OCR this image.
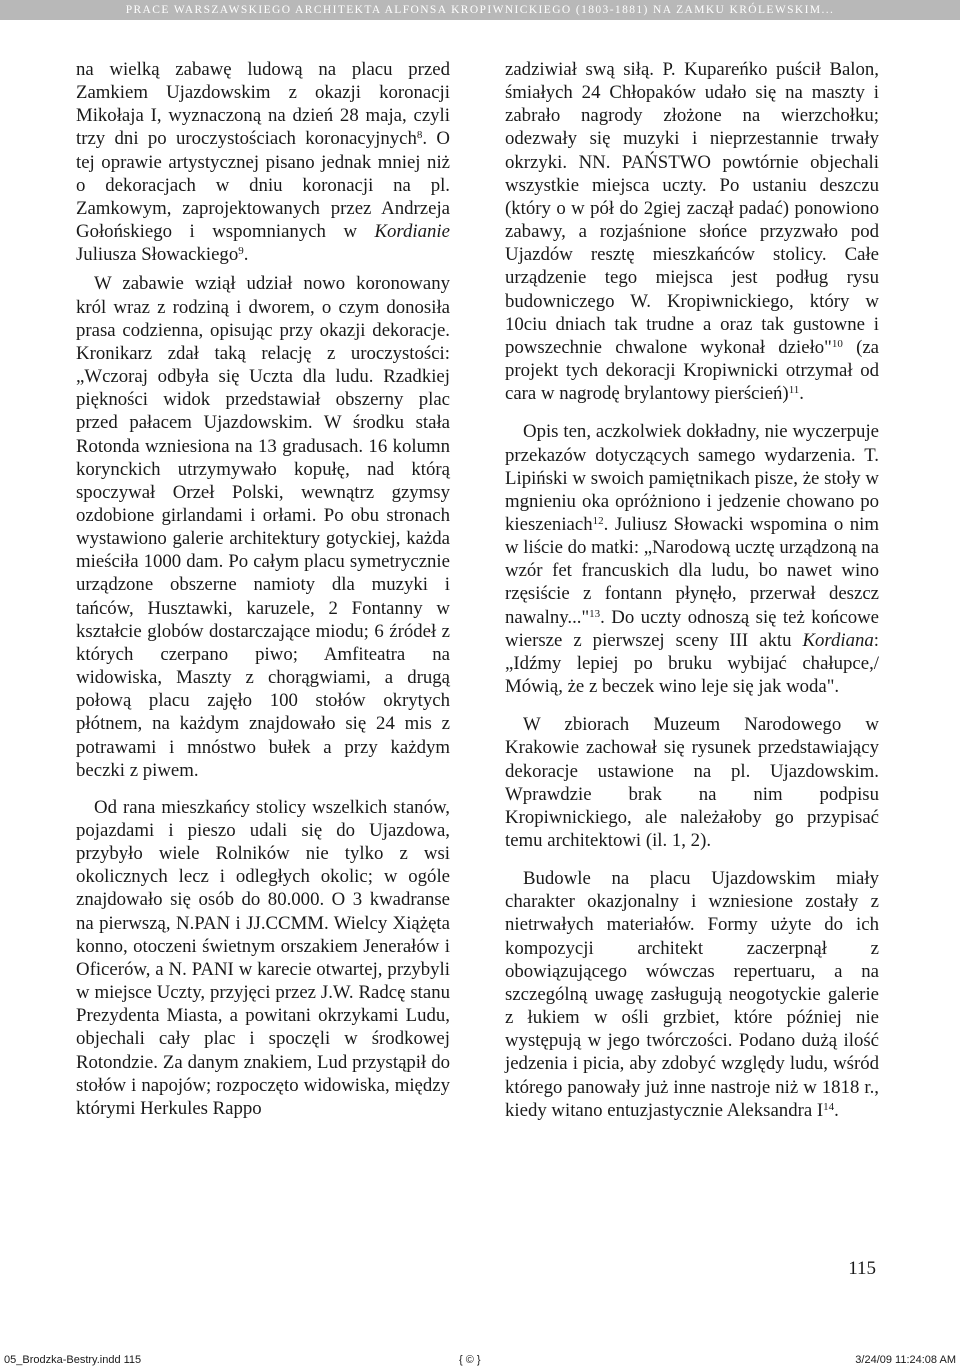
PRACE WARSZAWSKIEGO ARCHITEKTA ALFONSA KROPIWNICKIEGO (1803-1881) NA ZAMKU KRÓLEWSKIM...

na wielką zabawę ludową na placu przed Zamkiem Ujazdowskim z okazji koronacji Mikołaja I, wyznaczoną na dzień 28 maja, czyli trzy dni po uroczystościach koronacyjnych$^8$. O tej oprawie artystycznej pisano jednak mniej niż o dekoracjach w dniu koronacji na pl. Zamkowym, zaprojektowanych przez Andrzeja Gołońskiego i wspomnianych w Kordianie Juliusza Słowackiego$^9$.

W zabawie wziął udział nowo koronowany król wraz z rodziną i dworem, o czym donosiła prasa codzienna, opisując przy okazji dekoracje. Kronikarz zdał taką relację z uroczystości: „Wczoraj odbyła się Uczta dla ludu. Rzadkiej piękności widok przedstawiał obszerny plac przed pałacem Ujazdowskim. W środku stała Rotonda wzniesiona na 13 gradusach. 16 kolumn korynckich utrzymywało kopułę, nad którą spoczywał Orzeł Polski, wewnątrz gzymsy ozdobione girlandami i orłami. Po obu stronach wystawiono galerie architektury gotyckiej, każda mieściła 1000 dam. Po całym placu symetrycznie urządzone obszerne namioty dla muzyki i tańców, Husztawki, karuzele, 2 Fontanny w kształcie globów dostarczające miodu; 6 źródeł z których czerpano piwo; Amfiteatra na widowiska, Maszty z chorągwiami, a drugą połową placu zajęło 100 stołów okrytych płótnem, na każdym znajdowało się 24 mis z potrawami i mnóstwo bułek a przy każdym beczki z piwem.

Od rana mieszkańcy stolicy wszelkich stanów, pojazdami i pieszo udali się do Ujazdowa, przybyło wiele Rolników nie tylko z wsi okolicznych lecz i odległych okolic; w ogóle znajdowało się osób do 80.000. O 3 kwadranse na pierwszą, N.PAN i JJ.CCMM. Wielcy Xiążęta konno, otoczeni świetnym orszakiem Jenerałów i Oficerów, a N. PANI w karecie otwartej, przybyli w miejsce Uczty, przyjęci przez J.W. Radcę stanu Prezydenta Miasta, a powitani okrzykami Ludu, objechali cały plac i spoczęli w środkowej Rotondzie. Za danym znakiem, Lud przystąpił do stołów i napojów; rozpoczęto widowiska, między którymi Herkules Rappo

zadziwiał swą siłą. P. Kupareńko puścił Balon, śmiałych 24 Chłopaków udało się na maszty i zabrało nagrody złożone na wierzchołku; odezwały się muzyki i nieprzestannie trwały okrzyki. NN. PAŃSTWO powtórnie objechali wszystkie miejsca uczty. Po ustaniu deszczu (który o w pół do 2giej zaczął padać) ponowiono zabawy, a rozjaśnione słońce przyzwało pod Ujazdów resztę mieszkańców stolicy. Całe urządzenie tego miejsca jest podług rysu budowniczego W. Kropiwnickiego, który w 10ciu dniach tak trudne a oraz tak gustowne i powszechnie chwalone wykonał dzieło"$^{10}$ (za projekt tych dekoracji Kropiwnicki otrzymał od cara w nagrodę brylantowy pierścień)$^{11}$.

Opis ten, aczkolwiek dokładny, nie wyczerpuje przekazów dotyczących samego wydarzenia. T. Lipiński w swoich pamiętnikach pisze, że stoły w mgnieniu oka opróżniono i jedzenie chowano po kieszeniach$^{12}$. Juliusz Słowacki wspomina o nim w liście do matki: „Narodową ucztę urządzoną na wzór fet francuskich dla ludu, bo nawet wino rzęsiście z fontann płynęło, przerwał deszcz nawalny..."$^{13}$. Do uczty odnoszą się też końcowe wiersze z pierwszej sceny III aktu Kordiana: „Idźmy lepiej po bruku wybijać chałupce,/ Mówią, że z beczek wino leje się jak woda".

W zbiorach Muzeum Narodowego w Krakowie zachował się rysunek przedstawiający dekoracje ustawione na pl. Ujazdowskim. Wprawdzie brak na nim podpisu Kropiwnickiego, ale należałoby go przypisać temu architektowi (il. 1, 2).

Budowle na placu Ujazdowskim miały charakter okazjonalny i wzniesione zostały z nietrwałych materiałów. Formy użyte do ich kompozycji architekt zaczerpnął z obowiązującego wówczas repertuaru, a na szczególną uwagę zasługują neogotyckie galerie z łukiem w ośli grzbiet, które później nie występują w jego twórczości. Podano dużą ilość jedzenia i picia, aby zdobyć względy ludu, wśród którego panowały już inne nastroje niż w 1818 r., kiedy witano entuzjastycznie Aleksandra $I^{14}$.

115
05_Brodzka-Bestry.indd 115	{ © }	3/24/09 11:24:08 AM
